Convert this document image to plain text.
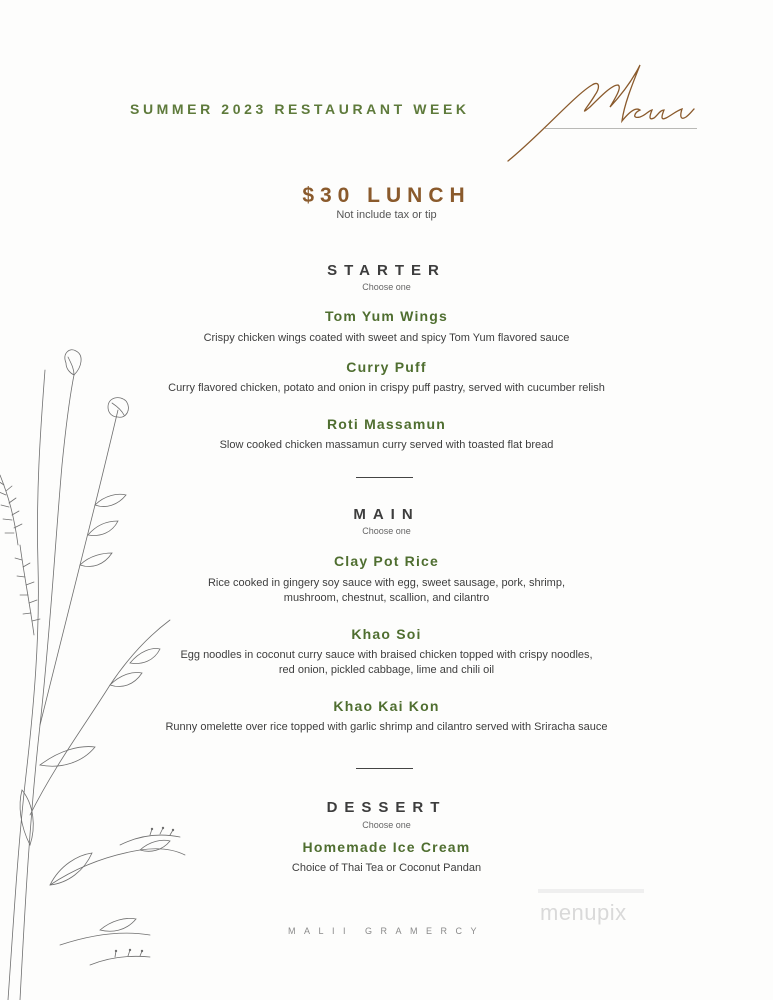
SUMMER 2023 RESTAURANT WEEK
$30 LUNCH
Not include tax or tip
STARTER
Choose one
Tom Yum Wings
Crispy chicken wings coated with sweet and spicy Tom Yum flavored sauce
Curry Puff
Curry flavored chicken, potato and onion in crispy puff pastry, served with cucumber relish
Roti Massamun
Slow cooked chicken massamun curry served with toasted flat bread
MAIN
Choose one
Clay Pot Rice
Rice cooked in gingery soy sauce with egg, sweet sausage, pork, shrimp,
mushroom, chestnut, scallion, and cilantro
Khao Soi
Egg noodles in coconut curry sauce with braised chicken topped with crispy noodles,
red onion, pickled cabbage, lime and chili oil
Khao Kai Kon
Runny omelette over rice topped with garlic shrimp and cilantro served with Sriracha sauce
DESSERT
Choose one
Homemade Ice Cream
Choice of Thai Tea or Coconut Pandan
MALII GRAMERCY
menupix
